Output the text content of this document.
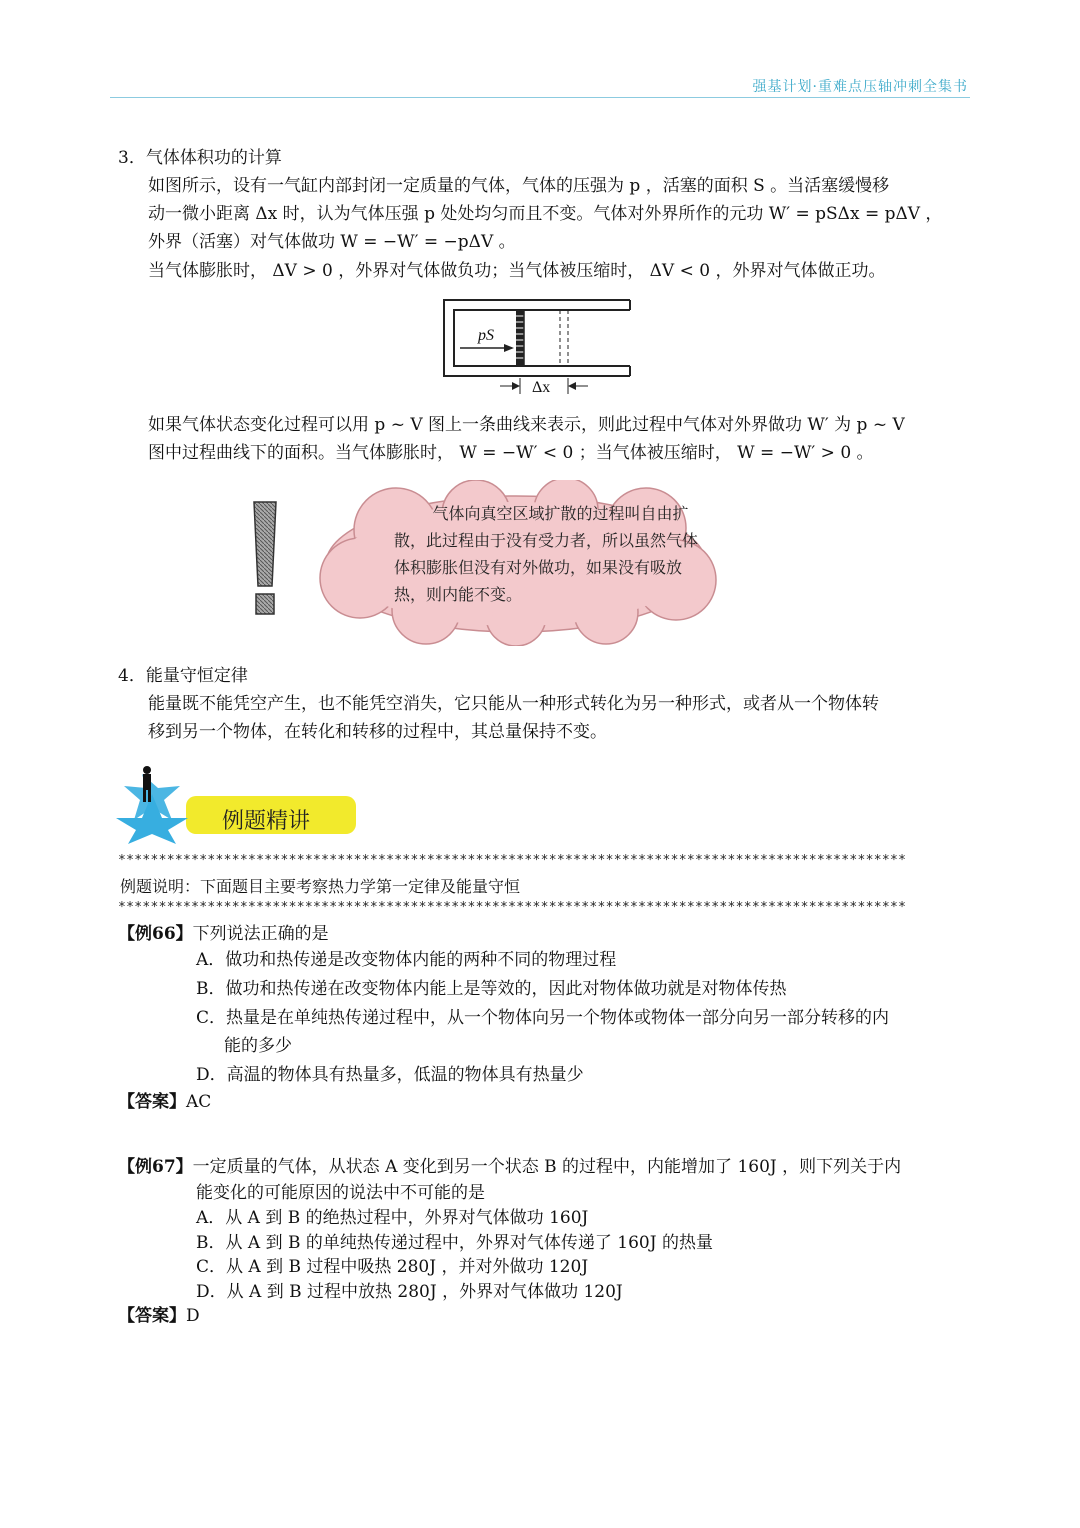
强基计划·重难点压轴冲刺全集书
3．气体体积功的计算
如图所示，设有一气缸内部封闭一定质量的气体，气体的压强为 p ，活塞的面积 S 。当活塞缓慢移
动一微小距离 Δx 时，认为气体压强 p 处处均匀而且不变。气体对外界所作的元功 W′ = pSΔx = pΔV ，
外界（活塞）对气体做功 W = −W′ = −pΔV 。
当气体膨胀时， ΔV > 0 ，外界对气体做负功；当气体被压缩时， ΔV < 0 ，外界对气体做正功。
pS
Δx
如果气体状态变化过程可以用 p ~ V 图上一条曲线来表示，则此过程中气体对外界做功 W′ 为 p ~ V
图中过程曲线下的面积。当气体膨胀时， W = −W′ < 0 ；当气体被压缩时， W = −W′ > 0 。
气体向真空区域扩散的过程叫自由扩
散，此过程由于没有受力者，所以虽然气体
体积膨胀但没有对外做功，如果没有吸放
热，则内能不变。
4．能量守恒定律
能量既不能凭空产生，也不能凭空消失，它只能从一种形式转化为另一种形式，或者从一个物体转
移到另一个物体，在转化和转移的过程中，其总量保持不变。
例题精讲
*************************************************************************************************
例题说明：下面题目主要考察热力学第一定律及能量守恒
*************************************************************************************************
【例66】下列说法正确的是
A．做功和热传递是改变物体内能的两种不同的物理过程
B．做功和热传递在改变物体内能上是等效的，因此对物体做功就是对物体传热
C．热量是在单纯热传递过程中，从一个物体向另一个物体或物体一部分向另一部分转移的内
能的多少
D．高温的物体具有热量多，低温的物体具有热量少
【答案】AC
【例67】一定质量的气体，从状态 A 变化到另一个状态 B 的过程中，内能增加了 160J ，则下列关于内
能变化的可能原因的说法中不可能的是
A．从 A 到 B 的绝热过程中，外界对气体做功 160J
B．从 A 到 B 的单纯热传递过程中，外界对气体传递了 160J 的热量
C．从 A 到 B 过程中吸热 280J ，并对外做功 120J
D．从 A 到 B 过程中放热 280J ，外界对气体做功 120J
【答案】D
